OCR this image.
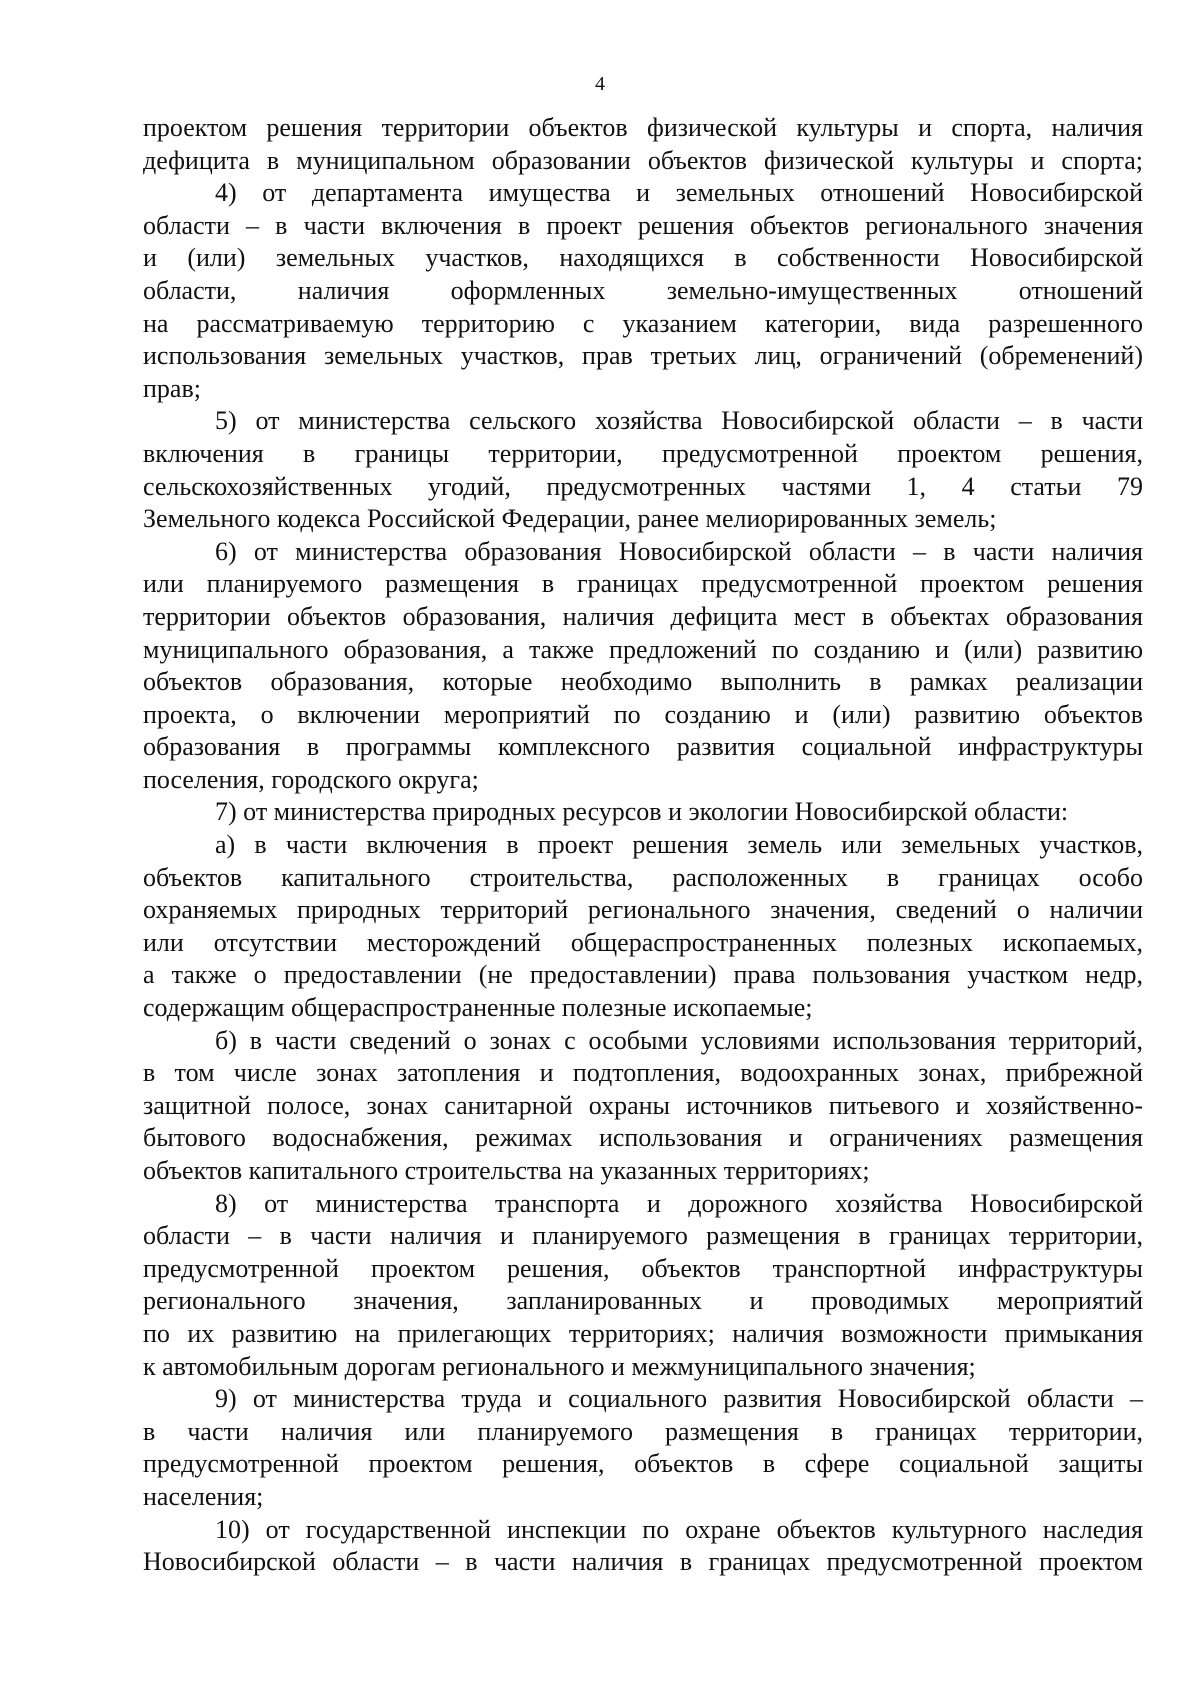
4
проектом решения территории объектов физической культуры и спорта, наличия
дефицита в муниципальном образовании объектов физической культуры и спорта;
4) от департамента имущества и земельных отношений Новосибирской
области – в части включения в проект решения объектов регионального значения
и (или) земельных участков, находящихся в собственности Новосибирской
области, наличия оформленных земельно-имущественных отношений
на рассматриваемую территорию с указанием категории, вида разрешенного
использования земельных участков, прав третьих лиц, ограничений (обременений)
прав;
5) от министерства сельского хозяйства Новосибирской области – в части
включения в границы территории, предусмотренной проектом решения,
сельскохозяйственных угодий, предусмотренных частями 1, 4 статьи 79
Земельного кодекса Российской Федерации, ранее мелиорированных земель;
6) от министерства образования Новосибирской области – в части наличия
или планируемого размещения в границах предусмотренной проектом решения
территории объектов образования, наличия дефицита мест в объектах образования
муниципального образования, а также предложений по созданию и (или) развитию
объектов образования, которые необходимо выполнить в рамках реализации
проекта, о включении мероприятий по созданию и (или) развитию объектов
образования в программы комплексного развития социальной инфраструктуры
поселения, городского округа;
7) от министерства природных ресурсов и экологии Новосибирской области:
а) в части включения в проект решения земель или земельных участков,
объектов капитального строительства, расположенных в границах особо
охраняемых природных территорий регионального значения, сведений о наличии
или отсутствии месторождений общераспространенных полезных ископаемых,
а также о предоставлении (не предоставлении) права пользования участком недр,
содержащим общераспространенные полезные ископаемые;
б) в части сведений о зонах с особыми условиями использования территорий,
в том числе зонах затопления и подтопления, водоохранных зонах, прибрежной
защитной полосе, зонах санитарной охраны источников питьевого и хозяйственно-
бытового водоснабжения, режимах использования и ограничениях размещения
объектов капитального строительства на указанных территориях;
8) от министерства транспорта и дорожного хозяйства Новосибирской
области – в части наличия и планируемого размещения в границах территории,
предусмотренной проектом решения, объектов транспортной инфраструктуры
регионального значения, запланированных и проводимых мероприятий
по их развитию на прилегающих территориях; наличия возможности примыкания
к автомобильным дорогам регионального и межмуниципального значения;
9) от министерства труда и социального развития Новосибирской области –
в части наличия или планируемого размещения в границах территории,
предусмотренной проектом решения, объектов в сфере социальной защиты
населения;
10) от государственной инспекции по охране объектов культурного наследия
Новосибирской области – в части наличия в границах предусмотренной проектом
